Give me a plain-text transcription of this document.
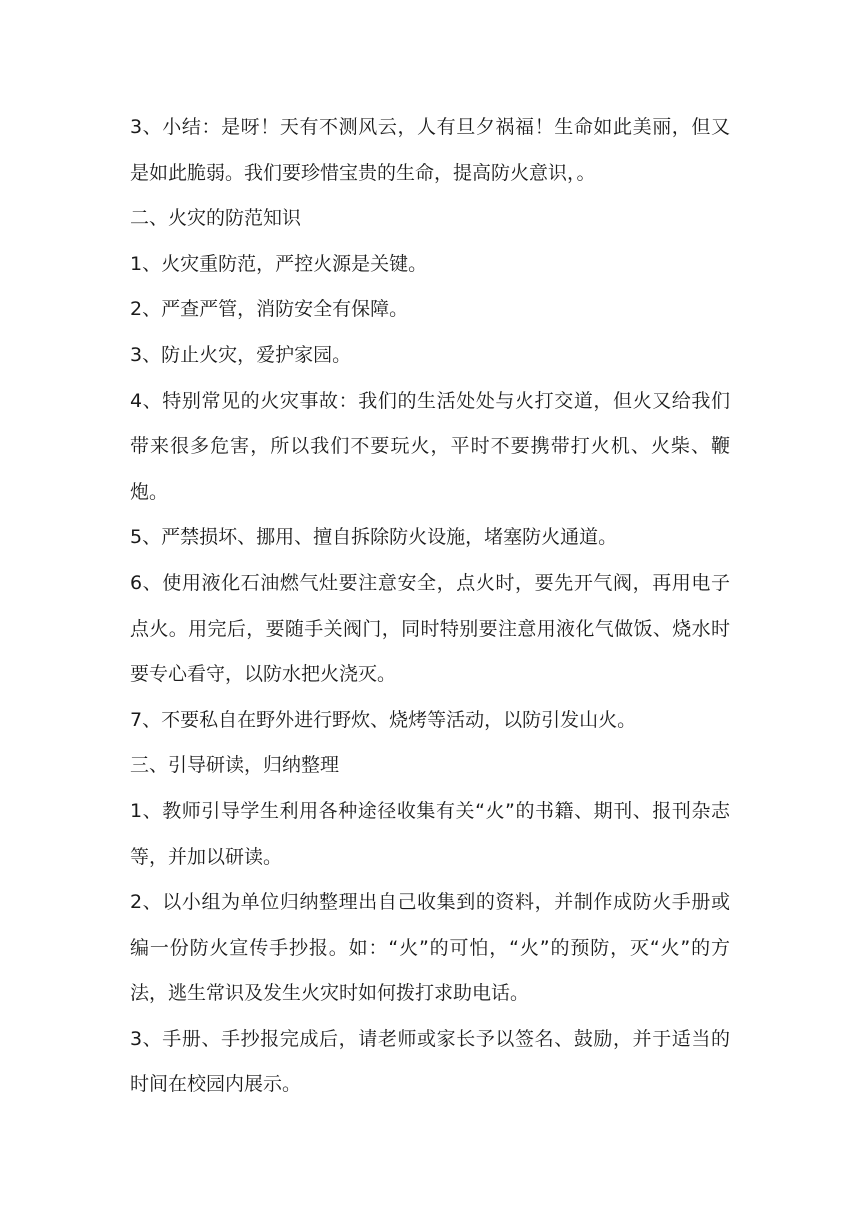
3、小结：是呀！天有不测风云，人有旦夕祸福！生命如此美丽，但又是如此脆弱。我们要珍惜宝贵的生命，提高防火意识，。

二、火灾的防范知识

1、火灾重防范，严控火源是关键。

2、严查严管，消防安全有保障。

3、防止火灾，爱护家园。

4、特别常见的火灾事故：我们的生活处处与火打交道，但火又给我们带来很多危害，所以我们不要玩火，平时不要携带打火机、火柴、鞭炮。

5、严禁损坏、挪用、擅自拆除防火设施，堵塞防火通道。

6、使用液化石油燃气灶要注意安全，点火时，要先开气阀，再用电子点火。用完后，要随手关阀门，同时特别要注意用液化气做饭、烧水时要专心看守，以防水把火浇灭。

7、不要私自在野外进行野炊、烧烤等活动，以防引发山火。

三、引导研读，归纳整理

1、教师引导学生利用各种途径收集有关“火”的书籍、期刊、报刊杂志等，并加以研读。

2、以小组为单位归纳整理出自己收集到的资料，并制作成防火手册或编一份防火宣传手抄报。如：“火”的可怕，“火”的预防，灭“火”的方法，逃生常识及发生火灾时如何拨打求助电话。

3、手册、手抄报完成后，请老师或家长予以签名、鼓励，并于适当的时间在校园内展示。
